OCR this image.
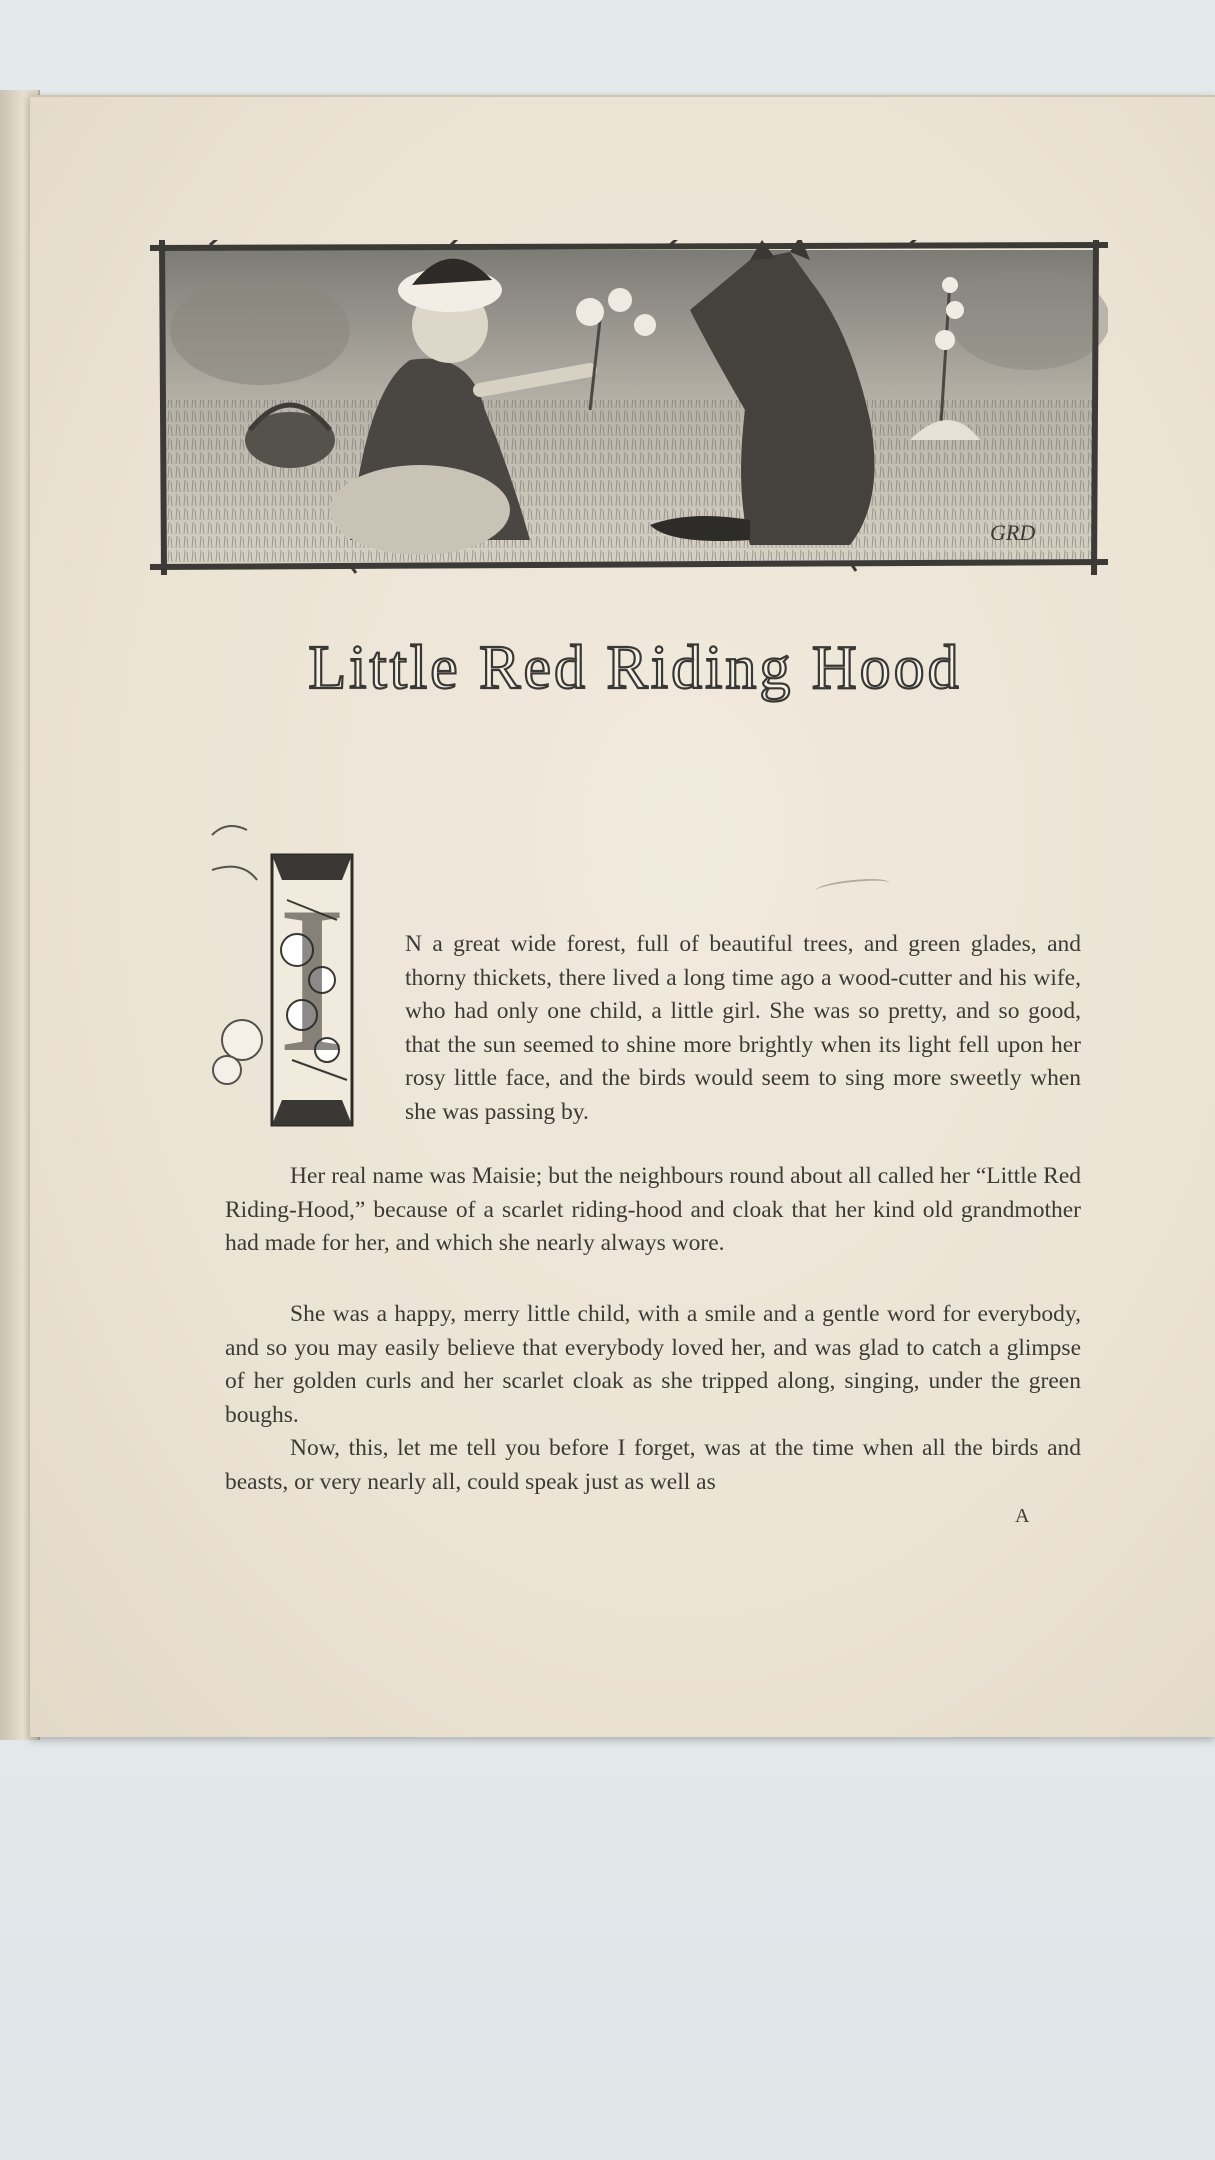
GRD
Little Red Riding Hood
I N a great wide forest, full of beautiful trees, and green glades, and thorny thickets, there lived a long time ago a wood-cutter and his wife, who had only one child, a little girl. She was so pretty, and so good, that the sun seemed to shine more brightly when its light fell upon her rosy little face, and the birds would seem to sing more sweetly when she was passing by.

Her real name was Maisie; but the neighbours round about all called her “Little Red Riding-Hood,” because of a scarlet riding-hood and cloak that her kind old grandmother had made for her, and which she nearly always wore.

She was a happy, merry little child, with a smile and a gentle word for everybody, and so you may easily believe that everybody loved her, and was glad to catch a glimpse of her golden curls and her scarlet cloak as she tripped along, singing, under the green boughs.

Now, this, let me tell you before I forget, was at the time when all the birds and beasts, or very nearly all, could speak just as well as

A
